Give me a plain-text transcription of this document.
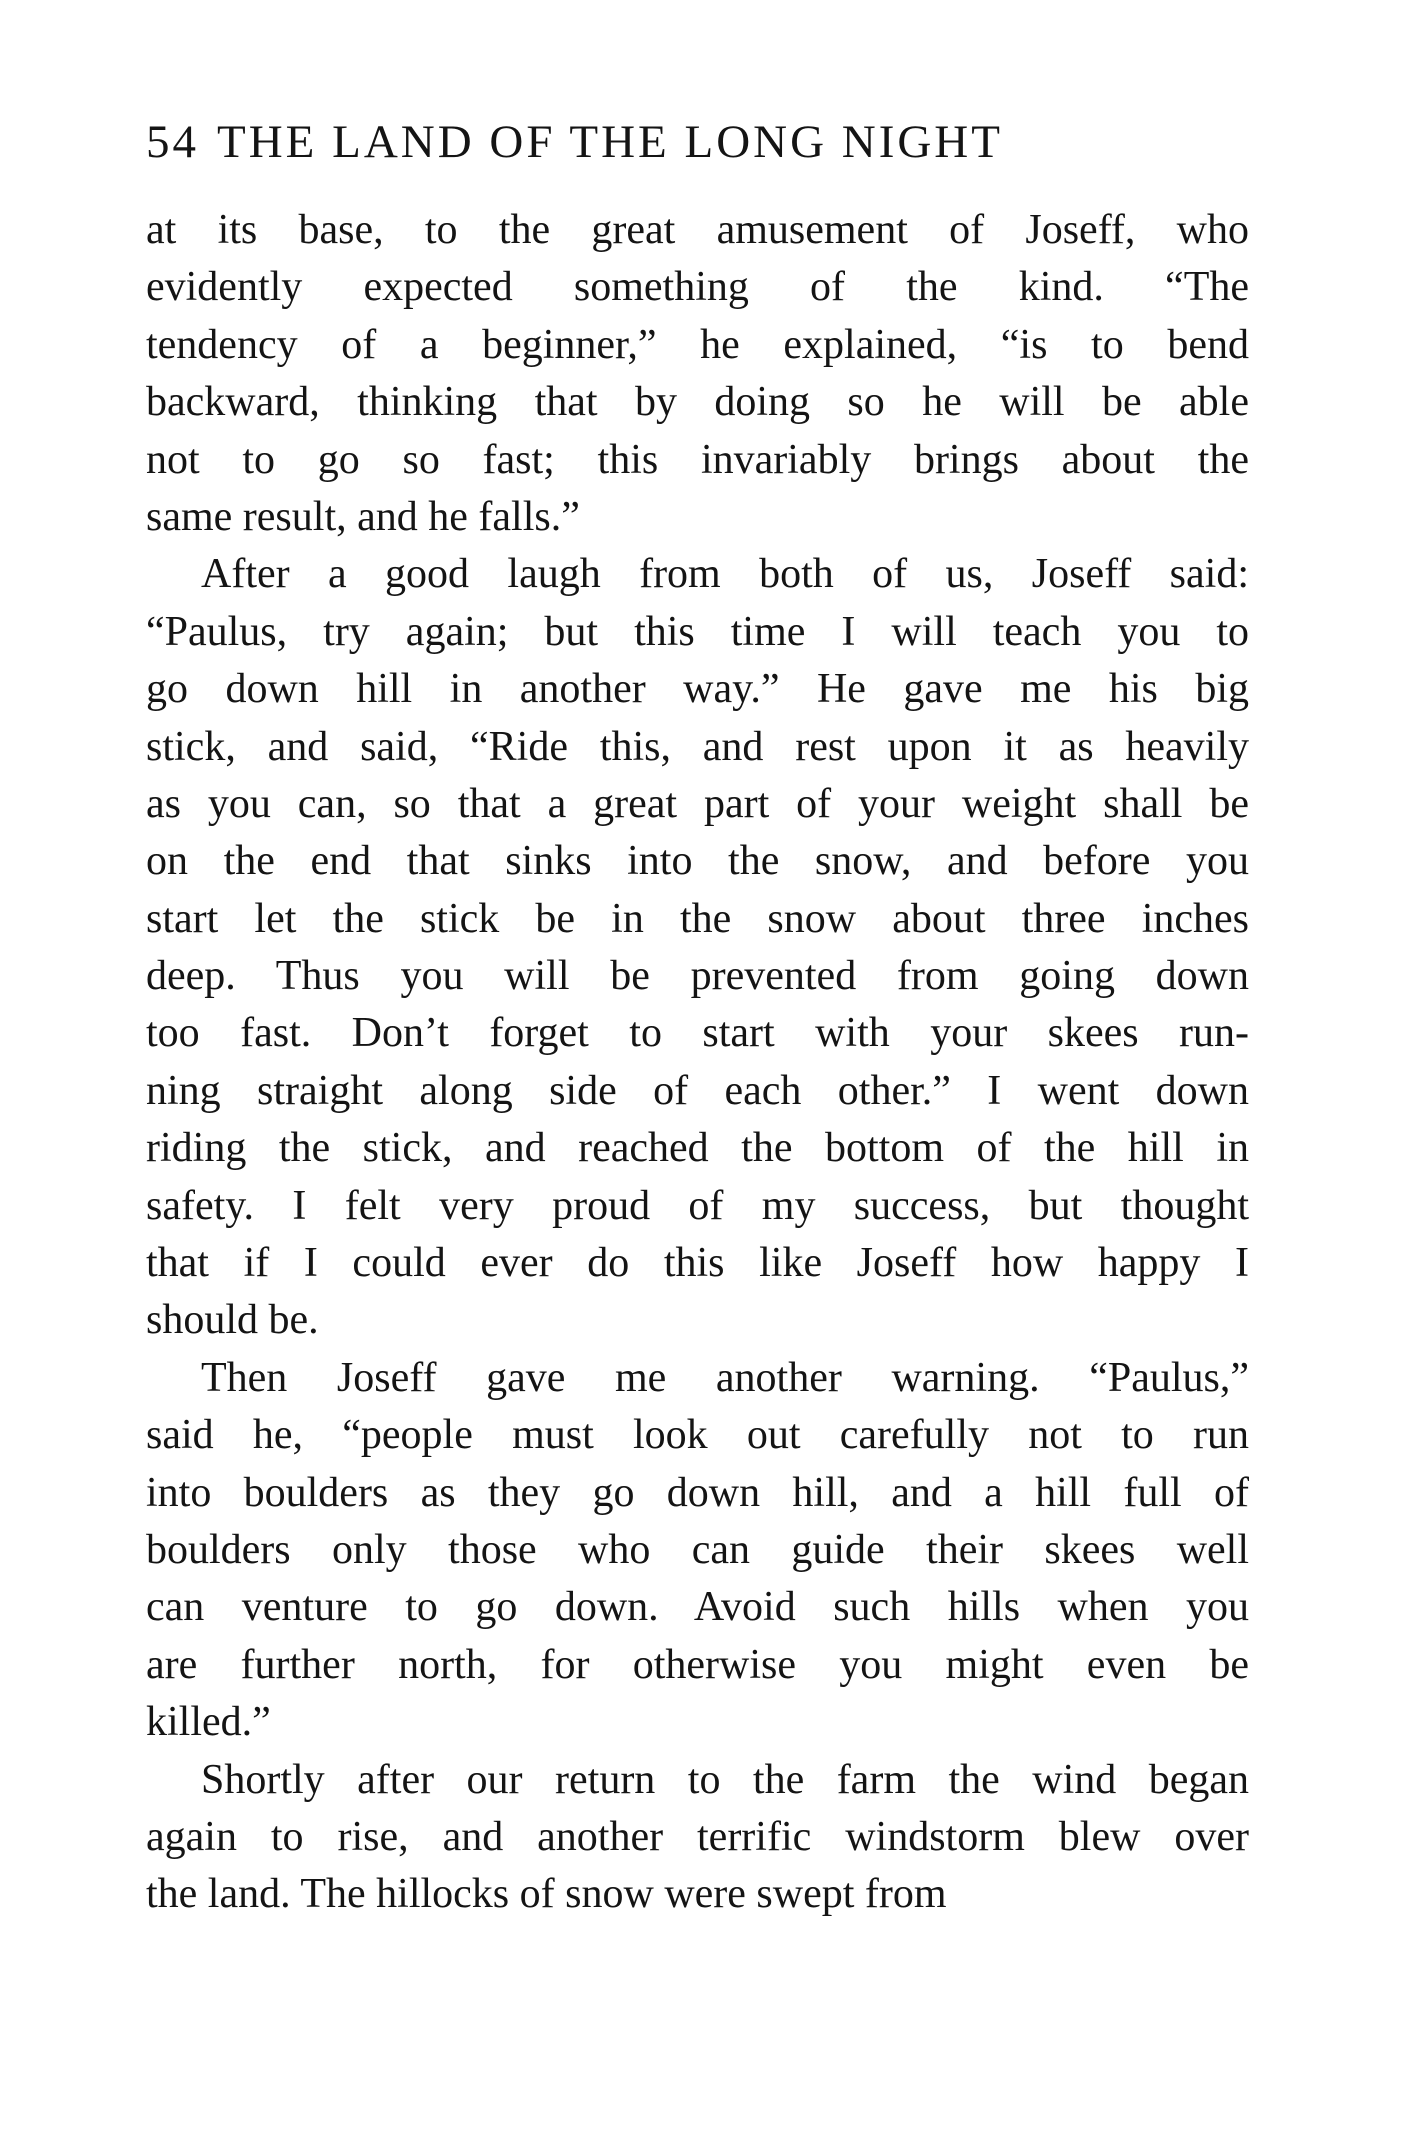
54 THE LAND OF THE LONG NIGHT
at its base, to the great amusement of Joseff, who
evidently expected something of the kind. “The
tendency of a beginner,” he explained, “is to bend
backward, thinking that by doing so he will be able
not to go so fast; this invariably brings about the
same result, and he falls.”
After a good laugh from both of us, Joseff said:
“Paulus, try again; but this time I will teach you to
go down hill in another way.” He gave me his big
stick, and said, “Ride this, and rest upon it as heavily
as you can, so that a great part of your weight shall be
on the end that sinks into the snow, and before you
start let the stick be in the snow about three inches
deep. Thus you will be prevented from going down
too fast. Don’t forget to start with your skees run-
ning straight along side of each other.” I went down
riding the stick, and reached the bottom of the hill in
safety. I felt very proud of my success, but thought
that if I could ever do this like Joseff how happy I
should be.
Then Joseff gave me another warning. “Paulus,”
said he, “people must look out carefully not to run
into boulders as they go down hill, and a hill full of
boulders only those who can guide their skees well
can venture to go down. Avoid such hills when you
are further north, for otherwise you might even be
killed.”
Shortly after our return to the farm the wind began
again to rise, and another terrific windstorm blew over
the land. The hillocks of snow were swept from
